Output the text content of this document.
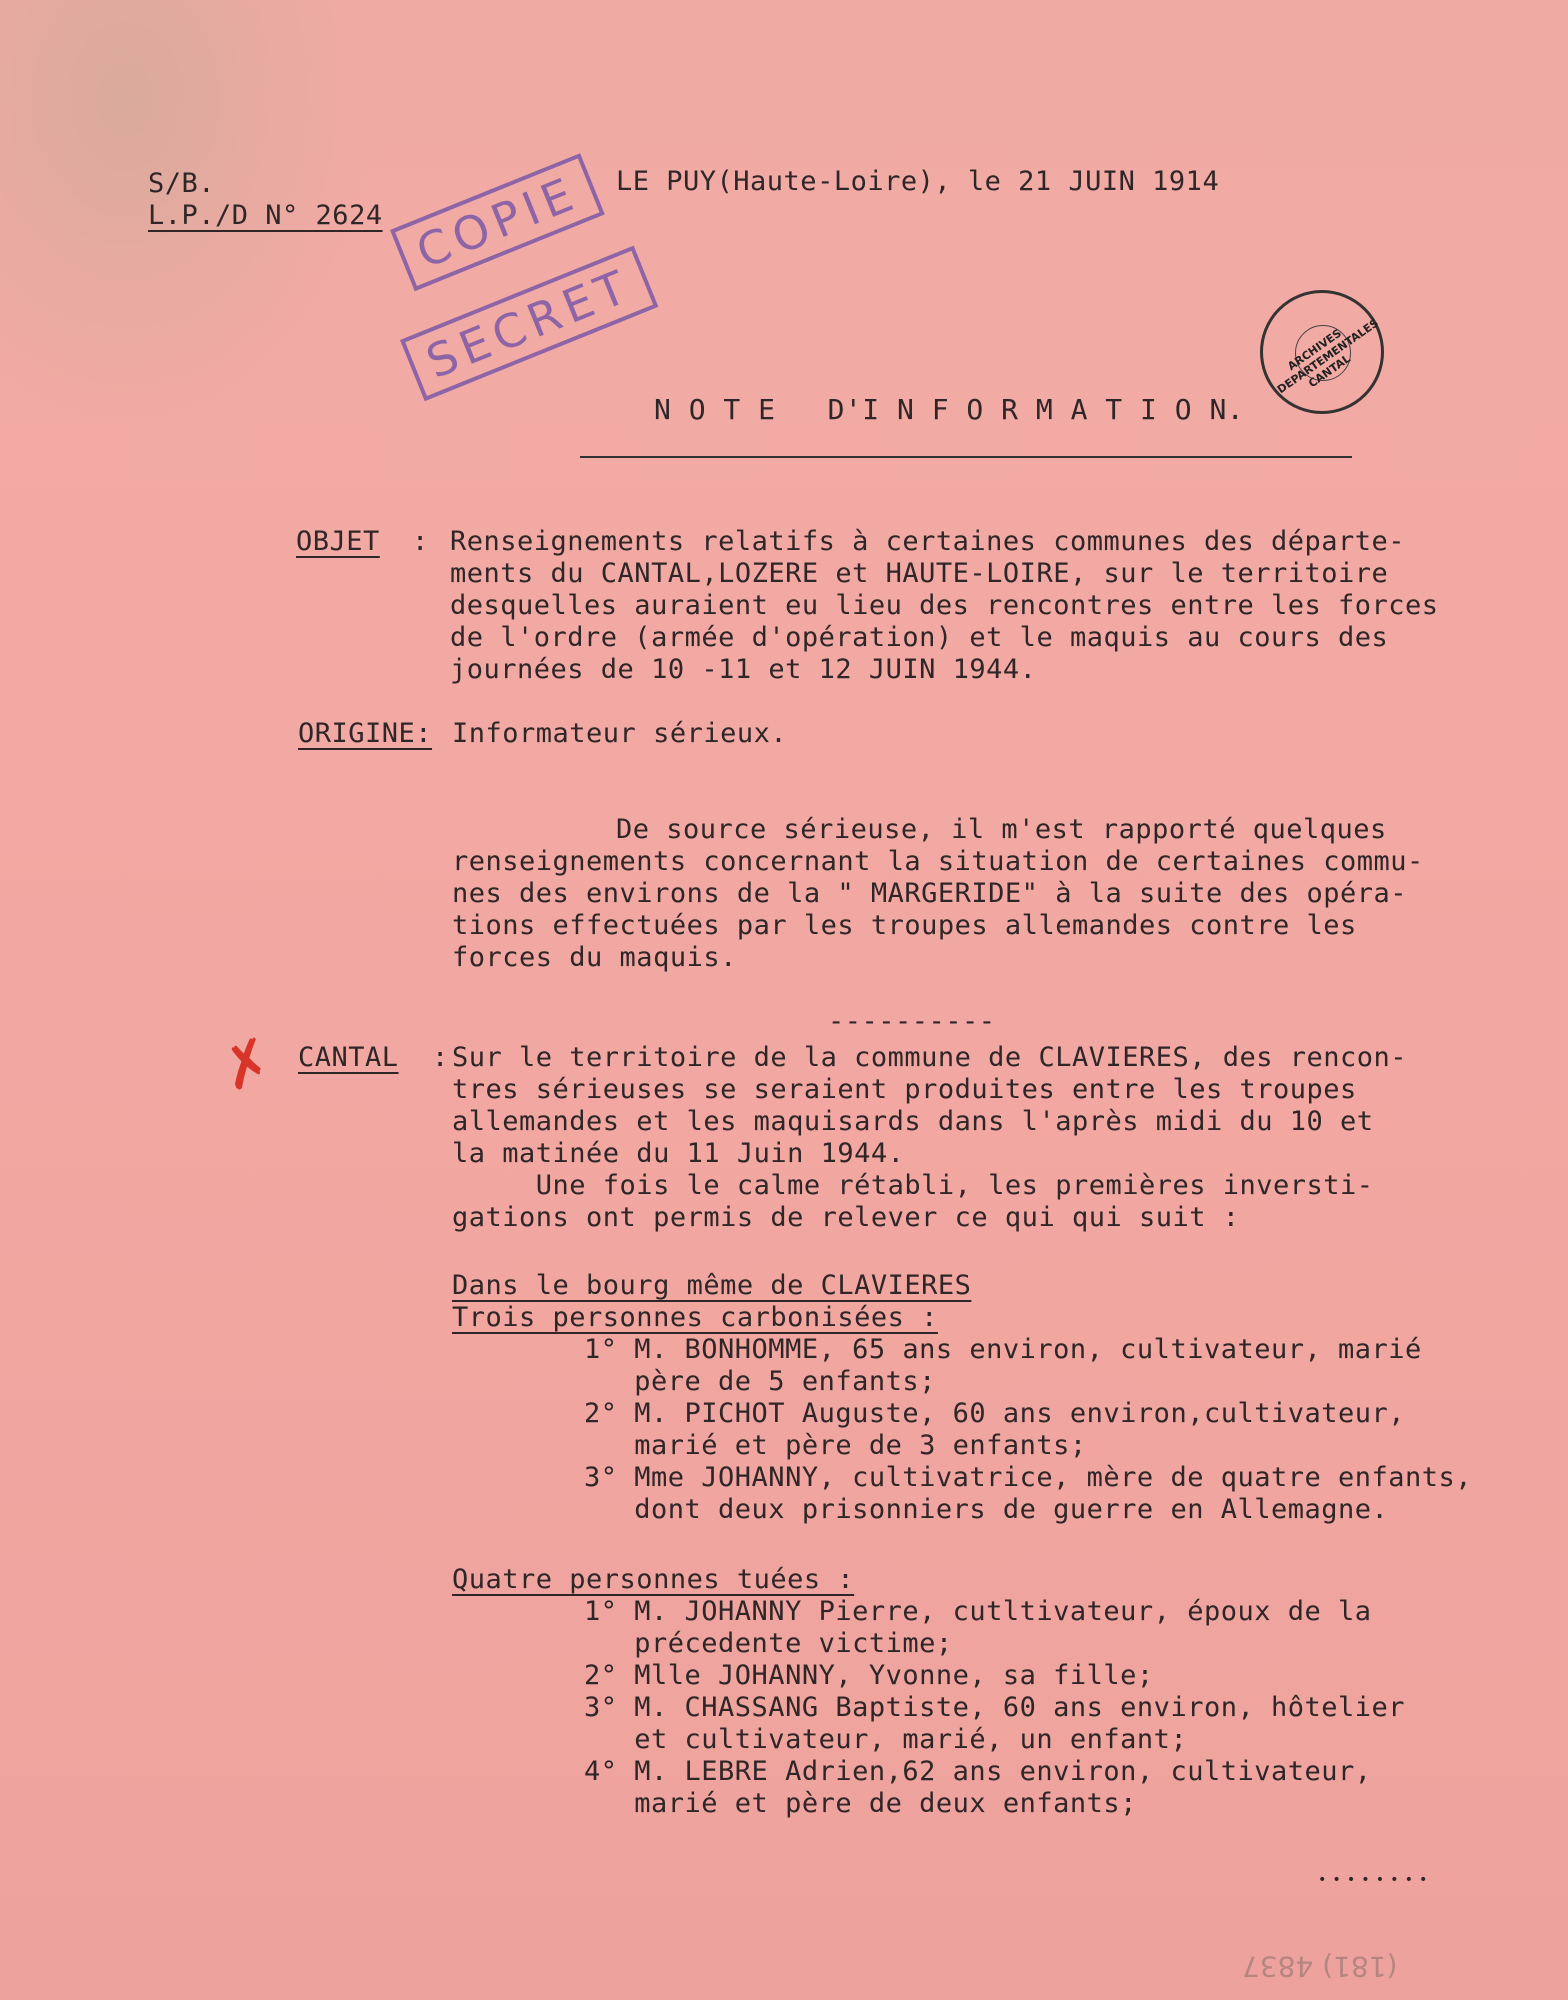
S/B.
L.P./D N° 2624
LE PUY(Haute-Loire), le 21 JUIN 1914
COPIE
SECRET	ARCHIVES DEPARTEMENTALES CANTAL
N O T E   D'I N F O R M A T I O N.
OBJET : Renseignements relatifs à certaines communes des départe-
ments du CANTAL,LOZERE et HAUTE-LOIRE, sur le territoire
desquelles auraient eu lieu des rencontres entre les forces
de l'ordre (armée d'opération) et le maquis au cours des
journées de 10 -11 et 12 JUIN 1944.
ORIGINE: Informateur sérieux.
De source sérieuse, il m'est rapporté quelques
renseignements concernant la situation de certaines commu-
nes des environs de la " MARGERIDE" à la suite des opéra-
tions effectuées par les troupes allemandes contre les
forces du maquis.
----------
✗ CANTAL : Sur le territoire de la commune de CLAVIERES, des rencon-
tres sérieuses se seraient produites entre les troupes
allemandes et les maquisards dans l'après midi du 10 et
la matinée du 11 Juin 1944.
Une fois le calme rétabli, les premières inversti-
gations ont permis de relever ce qui qui suit :
Dans le bourg même de CLAVIERES
Trois personnes carbonisées :
1° M. BONHOMME, 65 ans environ, cultivateur, marié
père de 5 enfants;
2° M. PICHOT Auguste, 60 ans environ,cultivateur,
marié et père de 3 enfants;
3° Mme JOHANNY, cultivatrice, mère de quatre enfants,
dont deux prisonniers de guerre en Allemagne.
Quatre personnes tuées :
1° M. JOHANNY Pierre, cutltivateur, époux de la
précedente victime;
2° Mlle JOHANNY, Yvonne, sa fille;
3° M. CHASSANG Baptiste, 60 ans environ, hôtelier
et cultivateur, marié, un enfant;
4° M. LEBRE Adrien,62 ans environ, cultivateur,
marié et père de deux enfants;
••••••••
(181) 4837
